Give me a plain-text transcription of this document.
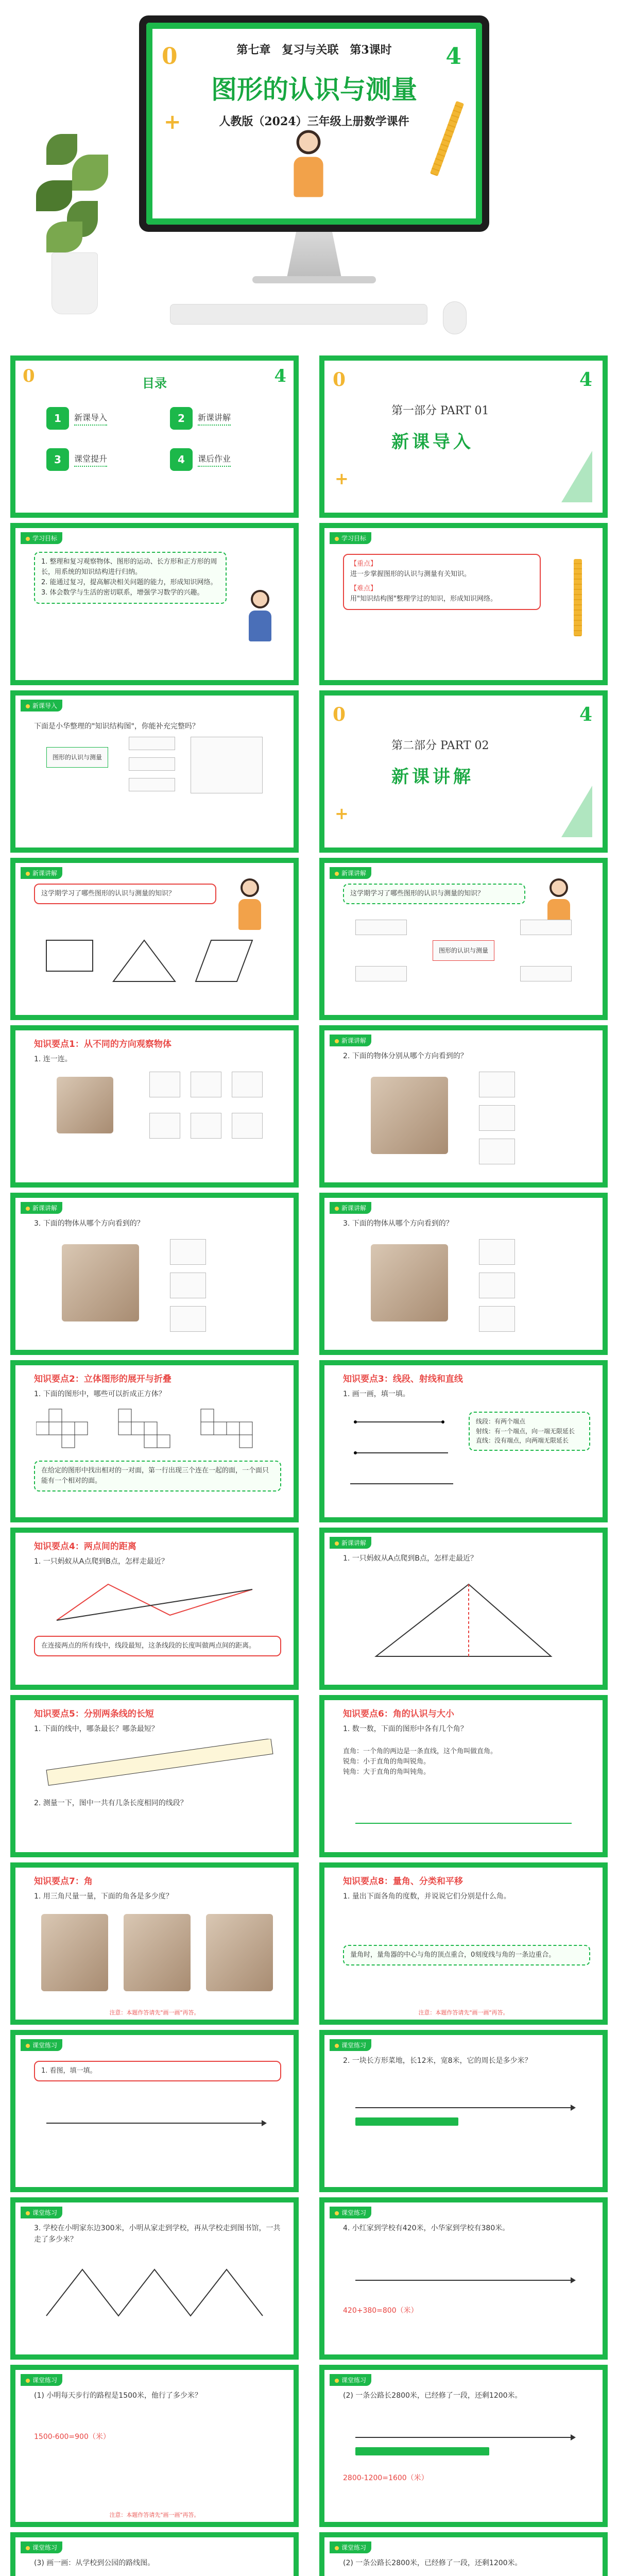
0
+
4
第七章　复习与关联　第3课时
图形的认识与测量
人教版（2024）三年级上册数学课件
0	4
目录
1	新课导入	2	新课讲解
3	课堂提升	4	课后作业
0
+
4
第一部分 PART 01
新课导入
学习目标
1. 整理和复习观察物体、图形的运动、长方形和正方形的周长，用系统的知识结构进行归纳。
2. 能通过复习，提高解决相关问题的能力，形成知识网络。
3. 体会数学与生活的密切联系，增强学习数学的兴趣。
学习目标
【重点】
进一步掌握图形的认识与测量有关知识。
【难点】
用"知识结构图"整理学过的知识，形成知识网络。
新课导入
下面是小华整理的"知识结构图"，你能补充完整吗？
图形的认识与测量
0
+
4
第二部分 PART 02
新课讲解
新课讲解
这学期学习了哪些图形的认识与测量的知识？
新课讲解
这学期学习了哪些图形的认识与测量的知识？
图形的认识与测量
知识要点1：从不同的方向观察物体
1. 连一连。
新课讲解
2. 下面的物体分别从哪个方向看到的？
新课讲解
3. 下面的物体从哪个方向看到的？
新课讲解
3. 下面的物体从哪个方向看到的？
知识要点2：立体图形的展开与折叠
1. 下面的图形中，哪些可以折成正方体？
在给定的图形中找出相对的一对面，第一行出现三个连在一起的面，一个面只能有一个相对的面。
知识要点3：线段、射线和直线
1. 画一画，填一填。
线段：有两个端点
射线：有一个端点，向一端无限延长
直线：没有端点，向两端无限延长
知识要点4：两点间的距离
1. 一只蚂蚁从A点爬到B点，怎样走最近？
在连接两点的所有线中，线段最短，这条线段的长度叫做两点间的距离。
新课讲解
1. 一只蚂蚁从A点爬到B点，怎样走最近？
知识要点5：分别两条线的长短
1. 下面的线中，哪条最长？哪条最短？
2. 测量一下，图中一共有几条长度相同的线段？
知识要点6：角的认识与大小
1. 数一数，下面的图形中各有几个角？
直角：一个角的两边是一条直线，这个角叫做直角。
锐角：小于直角的角叫锐角。
钝角：大于直角的角叫钝角。
知识要点7：角
1. 用三角尺量一量，下面的角各是多少度？
注意：本题作答请先"画一画"再答。
知识要点8：量角、分类和平移
1. 量出下面各角的度数，并说说它们分别是什么角。
量角时，量角器的中心与角的顶点重合，0刻度线与角的一条边重合。
注意：本题作答请先"画一画"再答。
课堂练习
1. 看图，填一填。
课堂练习
2. 一块长方形菜地，长12米，宽8米，它的周长是多少米？
课堂练习
3. 学校在小明家东边300米，小明从家走到学校，再从学校走到图书馆，一共走了多少米？
课堂练习
4. 小红家到学校有420米，小华家到学校有380米。
420+380=800（米）
课堂练习
(1) 小明每天步行的路程是1500米，他行了多少米？
1500-600=900（米）
注意：本题作答请先"画一画"再答。
课堂练习
(2) 一条公路长2800米，已经修了一段，还剩1200米。
2800-1200=1600（米）
课堂练习
(3) 画一画：从学校到公园的路线图。
课堂练习
(2) 一条公路长2800米，已经修了一段，还剩1200米。
